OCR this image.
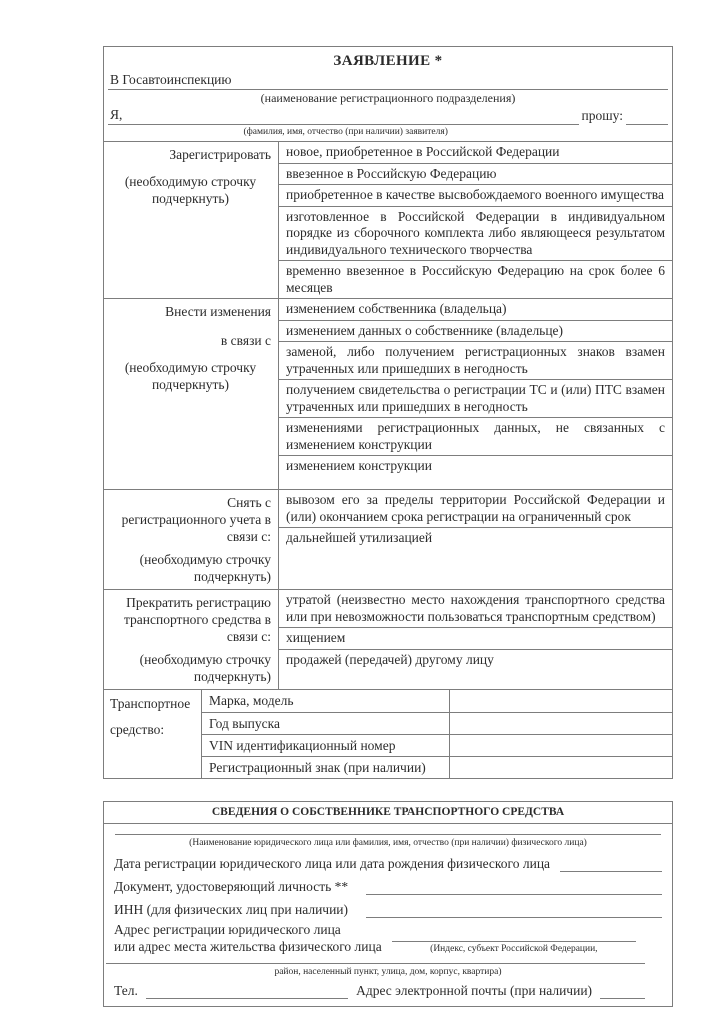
ЗАЯВЛЕНИЕ *
В Госавтоинспекцию
(наименование регистрационного подразделения)
Я,	прошу:
(фамилия, имя, отчество (при наличии) заявителя)
Зарегистрировать
(необходимую строчку
подчеркнуть)
новое, приобретенное в Российской Федерации
ввезенное в Российскую Федерацию
приобретенное в качестве высвобождаемого военного имущества
изготовленное в Российской Федерации в индивидуальном порядке из сборочного комплекта либо являющееся результатом индивидуального технического творчества
временно ввезенное в Российскую Федерацию на срок более 6 месяцев
Внести изменения
в связи с
(необходимую строчку
подчеркнуть)
изменением собственника (владельца)
изменением данных о собственнике (владельце)
заменой, либо получением регистрационных знаков взамен утраченных или пришедших в негодность
получением свидетельства о регистрации ТС и (или) ПТС взамен утраченных или пришедших в негодность
изменениями регистрационных данных, не связанных с изменением конструкции
изменением конструкции
Снять с
регистрационного учета в
связи с:
(необходимую строчку
подчеркнуть)
вывозом его за пределы территории Российской Федерации и (или) окончанием срока регистрации на ограниченный срок
дальнейшей утилизацией
Прекратить регистрацию
транспортного средства в
связи с:
(необходимую строчку
подчеркнуть)
утратой (неизвестно место нахождения транспортного средства или при невозможности пользоваться транспортным средством)
хищением
продажей (передачей) другому лицу
Транспортное
средство:
Марка, модель
Год выпуска
VIN идентификационный номер
Регистрационный знак (при наличии)
СВЕДЕНИЯ О СОБСТВЕННИКЕ ТРАНСПОРТНОГО СРЕДСТВА
(Наименование юридического лица или фамилия, имя, отчество (при наличии) физического лица)
Дата регистрации юридического лица или дата рождения физического лица
Документ, удостоверяющий личность **
ИНН (для физических лиц при наличии)
Адрес регистрации юридического лица
или адрес места жительства физического лица	(Индекс, субъект Российской Федерации,
район, населенный пункт, улица, дом, корпус, квартира)
Тел.	Адрес электронной почты (при наличии)
